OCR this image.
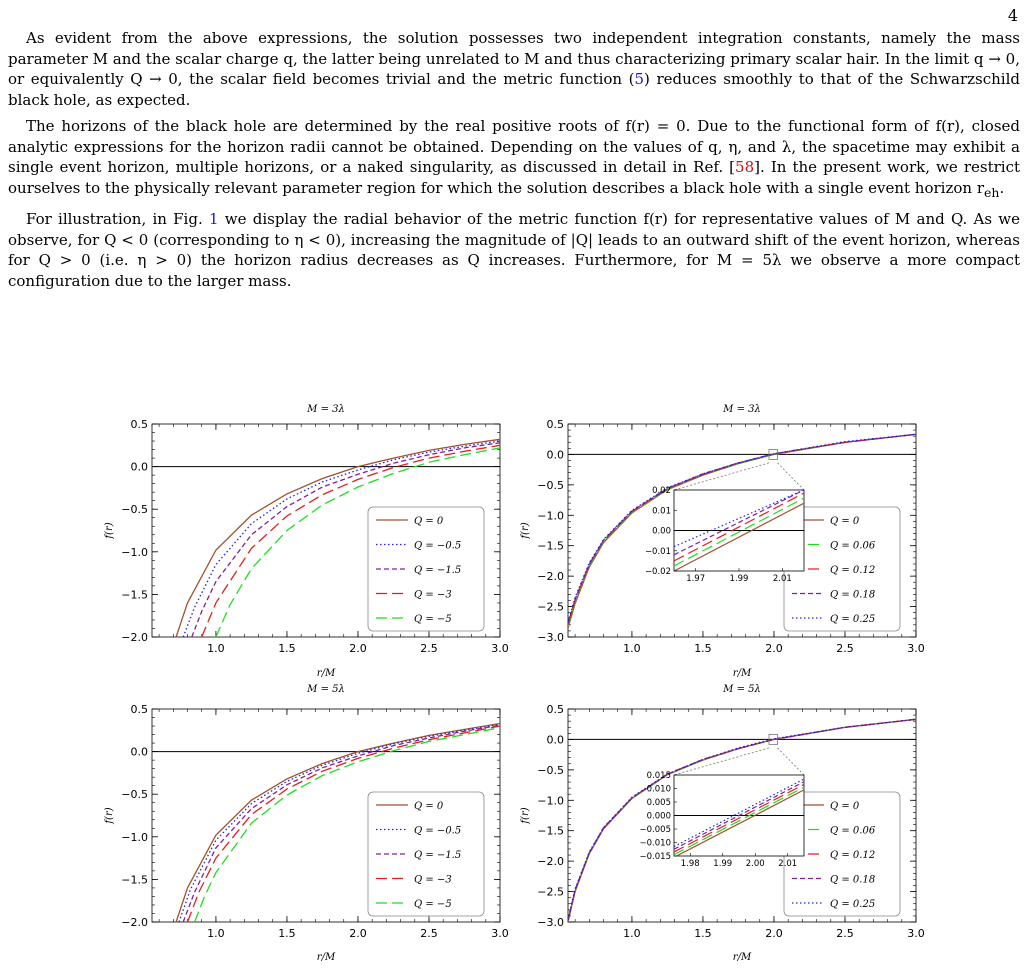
4

As evident from the above expressions, the solution possesses two independent integration constants, namely the mass parameter M and the scalar charge q, the latter being unrelated to M and thus characterizing primary scalar hair. In the limit q → 0, or equivalently Q → 0, the scalar field becomes trivial and the metric function (5) reduces smoothly to that of the Schwarzschild black hole, as expected.

The horizons of the black hole are determined by the real positive roots of f(r) = 0. Due to the functional form of f(r), closed analytic expressions for the horizon radii cannot be obtained. Depending on the values of q, η, and λ, the spacetime may exhibit a single event horizon, multiple horizons, or a naked singularity, as discussed in detail in Ref. [58]. In the present work, we restrict ourselves to the physically relevant parameter region for which the solution describes a black hole with a single event horizon $r_{eh}$.

For illustration, in Fig. 1 we display the radial behavior of the metric function f(r) for representative values of M and Q. As we observe, for Q < 0 (corresponding to η < 0), increasing the magnitude of |Q| leads to an outward shift of the event horizon, whereas for Q > 0 (i.e. η > 0) the horizon radius decreases as Q increases. Furthermore, for M = 5λ we observe a more compact configuration due to the larger mass.

M = 3λ
r/M
f(r)
1.0	1.5	2.0	2.5	3.0
0.5
0.0
−0.5
−1.0
−1.5
−2.0
Q = 0
Q = −0.5
Q = −1.5
Q = −3
Q = −5
M = 3λ
r/M
f(r)
1.0	1.5	2.0	2.5	3.0
0.5
0.0
−0.5
−1.0
−1.5
−2.0
−2.5
−3.0
Q = 0
Q = 0.06
Q = 0.12
Q = 0.18
Q = 0.25
1.97	1.99	2.01
0.02
0.01
0.00
−0.01
−0.02
M = 5λ
r/M
f(r)
1.0	1.5	2.0	2.5	3.0
0.5
0.0
−0.5
−1.0
−1.5
−2.0
Q = 0
Q = −0.5
Q = −1.5
Q = −3
Q = −5
M = 5λ
r/M
f(r)
1.0	1.5	2.0	2.5	3.0
0.5
0.0
−0.5
−1.0
−1.5
−2.0
−2.5
−3.0
Q = 0
Q = 0.06
Q = 0.12
Q = 0.18
Q = 0.25
1.98 1.99 2.00 2.01
0.015
0.010
0.005
0.000
−0.005
−0.010
−0.015
